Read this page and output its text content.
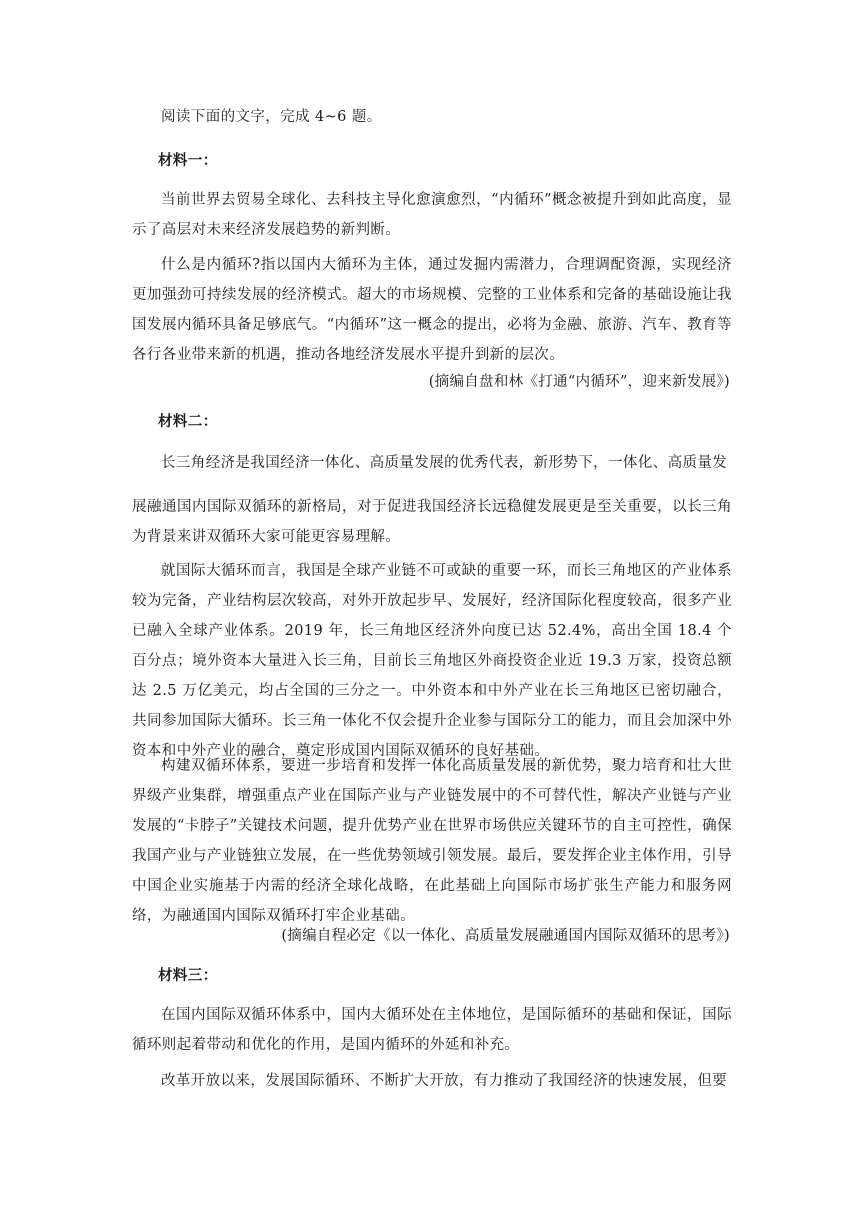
阅读下面的文字，完成 4~6 题。

材料一：

当前世界去贸易全球化、去科技主导化愈演愈烈，“内循环”概念被提升到如此高度，显示了高层对未来经济发展趋势的新判断。

什么是内循环?指以国内大循环为主体，通过发掘内需潜力，合理调配资源，实现经济更加强劲可持续发展的经济模式。超大的市场规模、完整的工业体系和完备的基础设施让我国发展内循环具备足够底气。“内循环”这一概念的提出，必将为金融、旅游、汽车、教育等各行各业带来新的机遇，推动各地经济发展水平提升到新的层次。

(摘编自盘和林《打通“内循环”，迎来新发展》)

材料二：

长三角经济是我国经济一体化、高质量发展的优秀代表，新形势下，一体化、高质量发

展融通国内国际双循环的新格局，对于促进我国经济长远稳健发展更是至关重要，以长三角为背景来讲双循环大家可能更容易理解。

就国际大循环而言，我国是全球产业链不可或缺的重要一环，而长三角地区的产业体系较为完备，产业结构层次较高，对外开放起步早、发展好，经济国际化程度较高，很多产业已融入全球产业体系。2019 年，长三角地区经济外向度已达 52.4%，高出全国 18.4 个百分点；境外资本大量进入长三角，目前长三角地区外商投资企业近 19.3 万家，投资总额达 2.5 万亿美元，均占全国的三分之一。中外资本和中外产业在长三角地区已密切融合，共同参加国际大循环。长三角一体化不仅会提升企业参与国际分工的能力，而且会加深中外资本和中外产业的融合，奠定形成国内国际双循环的良好基础。

构建双循环体系，要进一步培育和发挥一体化高质量发展的新优势，聚力培育和壮大世界级产业集群，增强重点产业在国际产业与产业链发展中的不可替代性，解决产业链与产业发展的“卡脖子”关键技术问题，提升优势产业在世界市场供应关键环节的自主可控性，确保我国产业与产业链独立发展，在一些优势领域引领发展。最后，要发挥企业主体作用，引导中国企业实施基于内需的经济全球化战略，在此基础上向国际市场扩张生产能力和服务网络，为融通国内国际双循环打牢企业基础。

(摘编自程必定《以一体化、高质量发展融通国内国际双循环的思考》)

材料三：

在国内国际双循环体系中，国内大循环处在主体地位，是国际循环的基础和保证，国际循环则起着带动和优化的作用，是国内循环的外延和补充。

改革开放以来，发展国际循环、不断扩大开放，有力推动了我国经济的快速发展，但要
